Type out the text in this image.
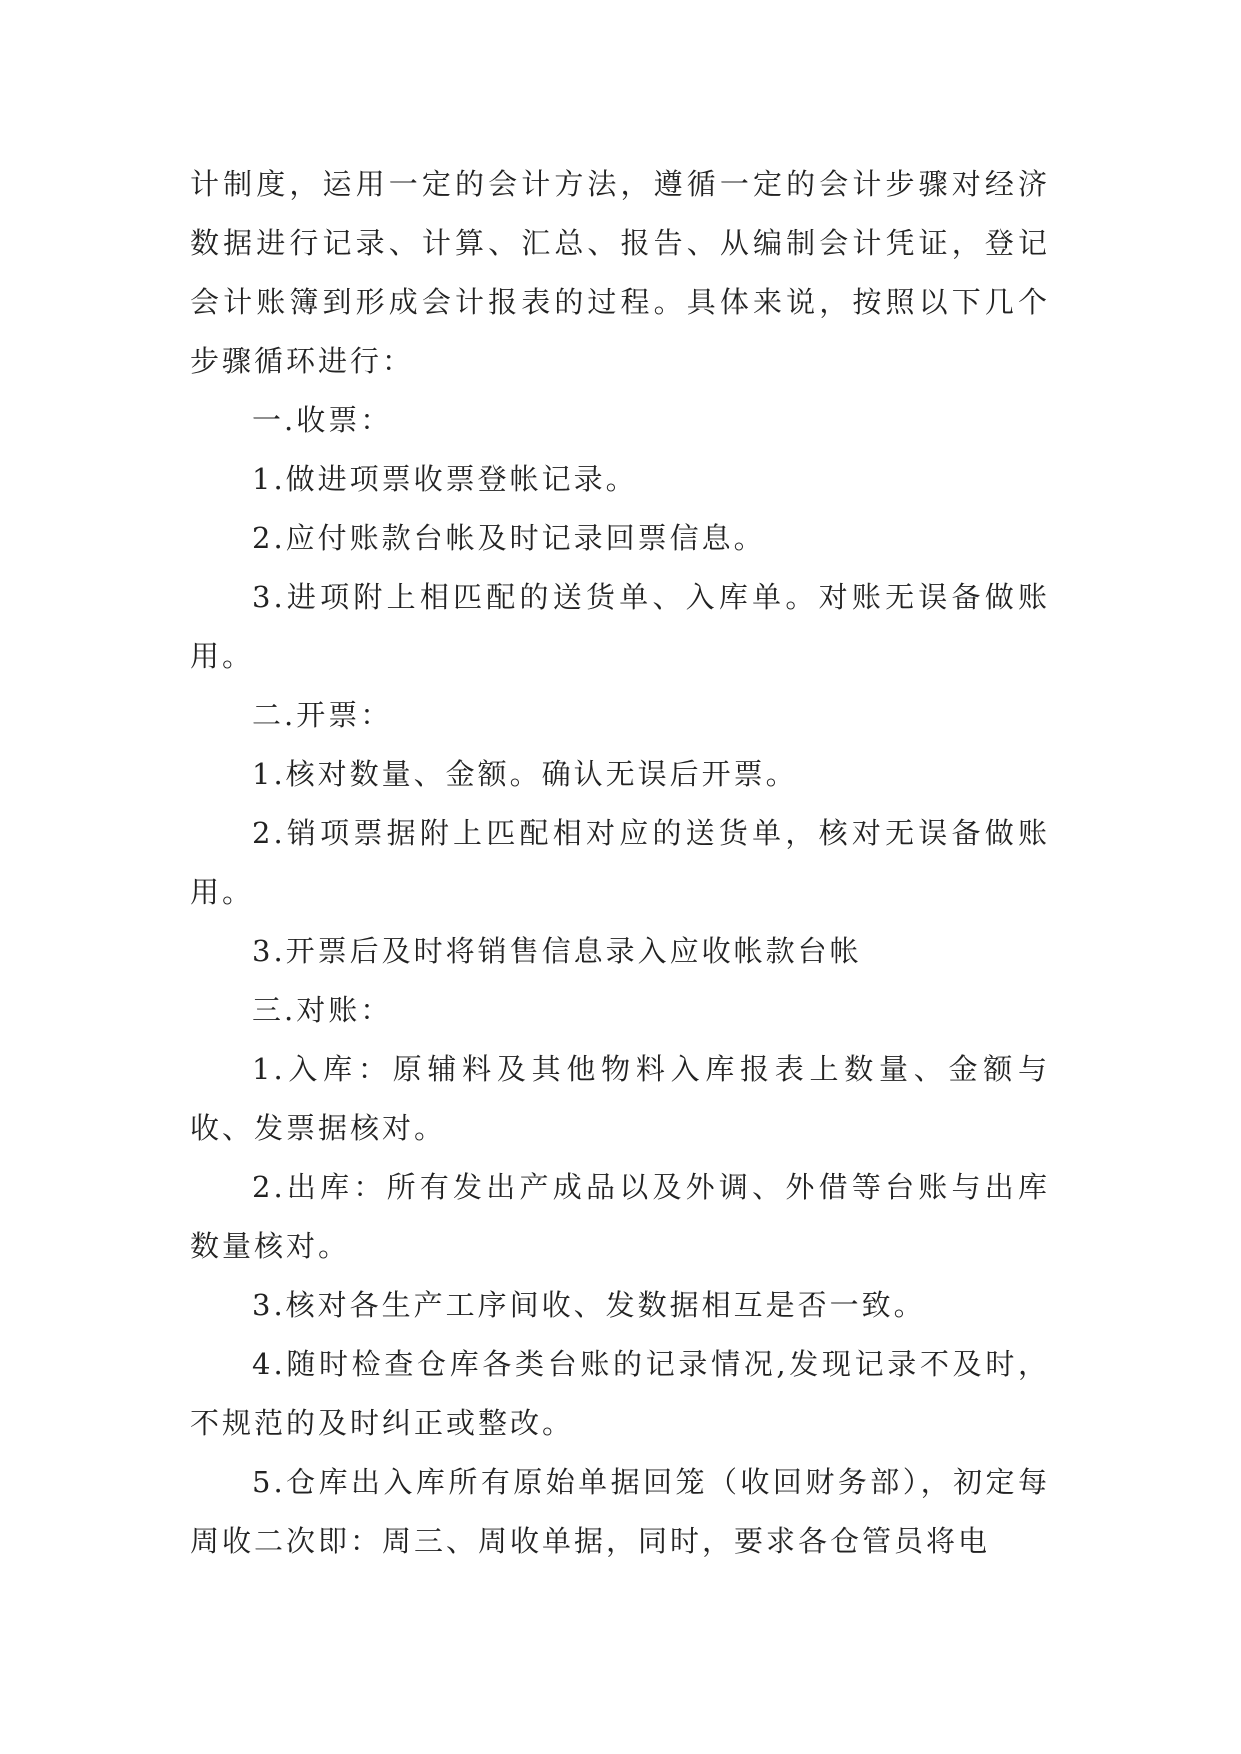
计制度，运用一定的会计方法，遵循一定的会计步骤对经济数据进行记录、计算、汇总、报告、从编制会计凭证，登记会计账簿到形成会计报表的过程。具体来说，按照以下几个步骤循环进行：

一.收票：

1.做进项票收票登帐记录。

2.应付账款台帐及时记录回票信息。

3.进项附上相匹配的送货单、入库单。对账无误备做账用。

二.开票：

1.核对数量、金额。确认无误后开票。

2.销项票据附上匹配相对应的送货单，核对无误备做账用。

3.开票后及时将销售信息录入应收帐款台帐

三.对账：

1.入库：原辅料及其他物料入库报表上数量、金额与收、发票据核对。

2.出库：所有发出产成品以及外调、外借等台账与出库数量核对。

3.核对各生产工序间收、发数据相互是否一致。

4.随时检查仓库各类台账的记录情况,发现记录不及时，不规范的及时纠正或整改。

5.仓库出入库所有原始单据回笼（收回财务部），初定每周收二次即：周三、周收单据，同时，要求各仓管员将电
